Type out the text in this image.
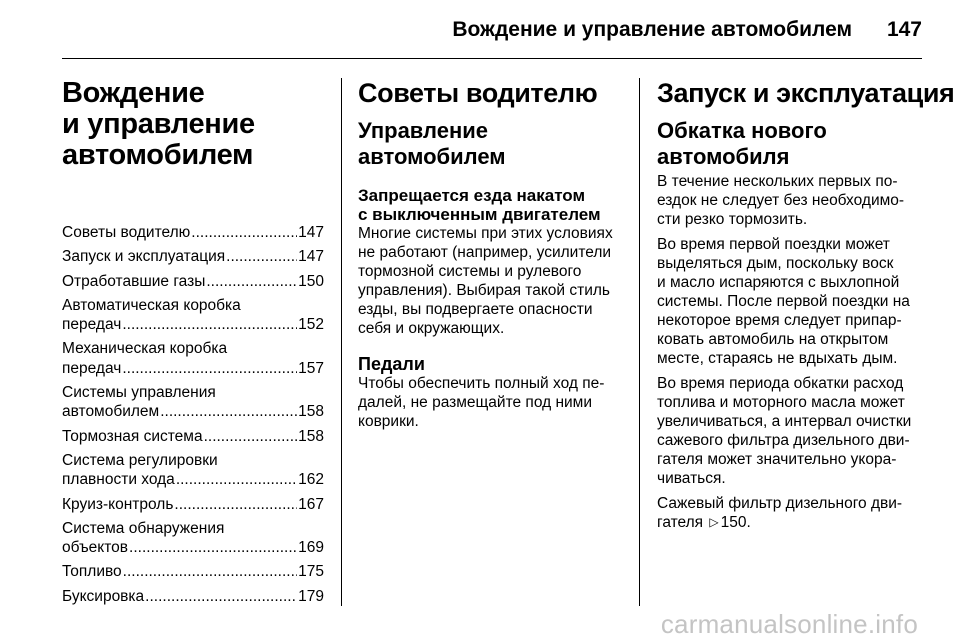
Вождение и управление автомобилем 147
Вождение
и управление
автомобилем
Советы водителю .....	147
Запуск и эксплуатация .....	147
Отработавшие газы .....	150
Автоматическая коробка
передач .....	152
Механическая коробка
передач .....	157
Системы управления
автомобилем .....	158
Тормозная система .....	158
Система регулировки
плавности хода .....	162
Круиз-контроль .....	167
Система обнаружения
объектов .....	169
Топливо .....	175
Буксировка .....	179
Советы водителю
Управление
автомобилем
Запрещается езда накатом
с выключенным двигателем

Многие системы при этих условиях
не работают (например, усилители
тормозной системы и рулевого
управления). Выбирая такой стиль
езды, вы подвергаете опасности
себя и окружающих.

Педали

Чтобы обеспечить полный ход пе-
далей, не размещайте под ними
коврики.

Запуск и эксплуатация
Обкатка нового
автомобиля

В течение нескольких первых по-
ездок не следует без необходимо-
сти резко тормозить.

Во время первой поездки может
выделяться дым, поскольку воск
и масло испаряются с выхлопной
системы. После первой поездки на
некоторое время следует припар-
ковать автомобиль на открытом
месте, стараясь не вдыхать дым.

Во время периода обкатки расход
топлива и моторного масла может
увеличиваться, а интервал очистки
сажевого фильтра дизельного дви-
гателя может значительно укора-
чиваться.

Сажевый фильтр дизельного дви-
гателя ▷ 150.

carmanualsonline.info
